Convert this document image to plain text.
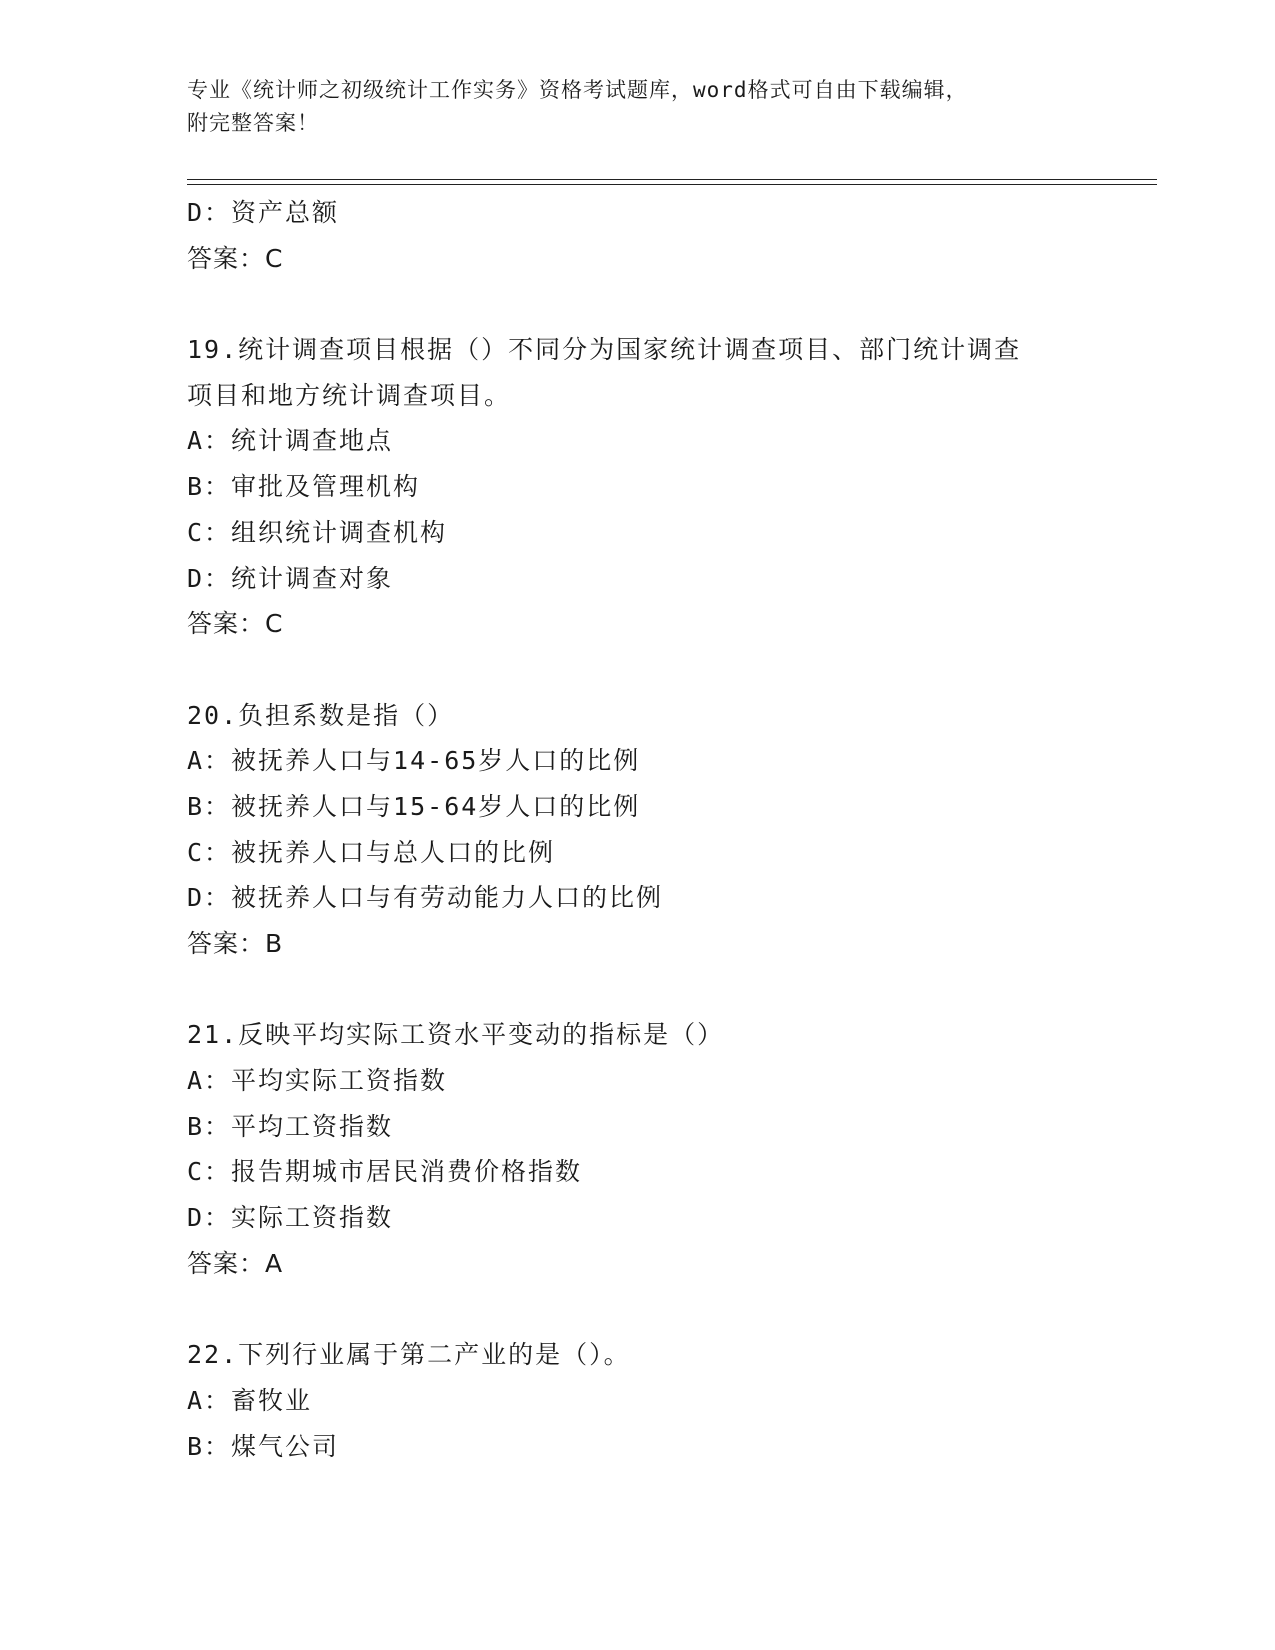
专业《统计师之初级统计工作实务》资格考试题库，word格式可自由下载编辑，
附完整答案！
D：资产总额
答案：C
19.统计调查项目根据（）不同分为国家统计调查项目、部门统计调查
项目和地方统计调查项目。
A：统计调查地点
B：审批及管理机构
C：组织统计调查机构
D：统计调查对象
答案：C
20.负担系数是指（）
A：被抚养人口与14-65岁人口的比例
B：被抚养人口与15-64岁人口的比例
C：被抚养人口与总人口的比例
D：被抚养人口与有劳动能力人口的比例
答案：B
21.反映平均实际工资水平变动的指标是（）
A：平均实际工资指数
B：平均工资指数
C：报告期城市居民消费价格指数
D：实际工资指数
答案：A
22.下列行业属于第二产业的是（）。
A：畜牧业
B：煤气公司
